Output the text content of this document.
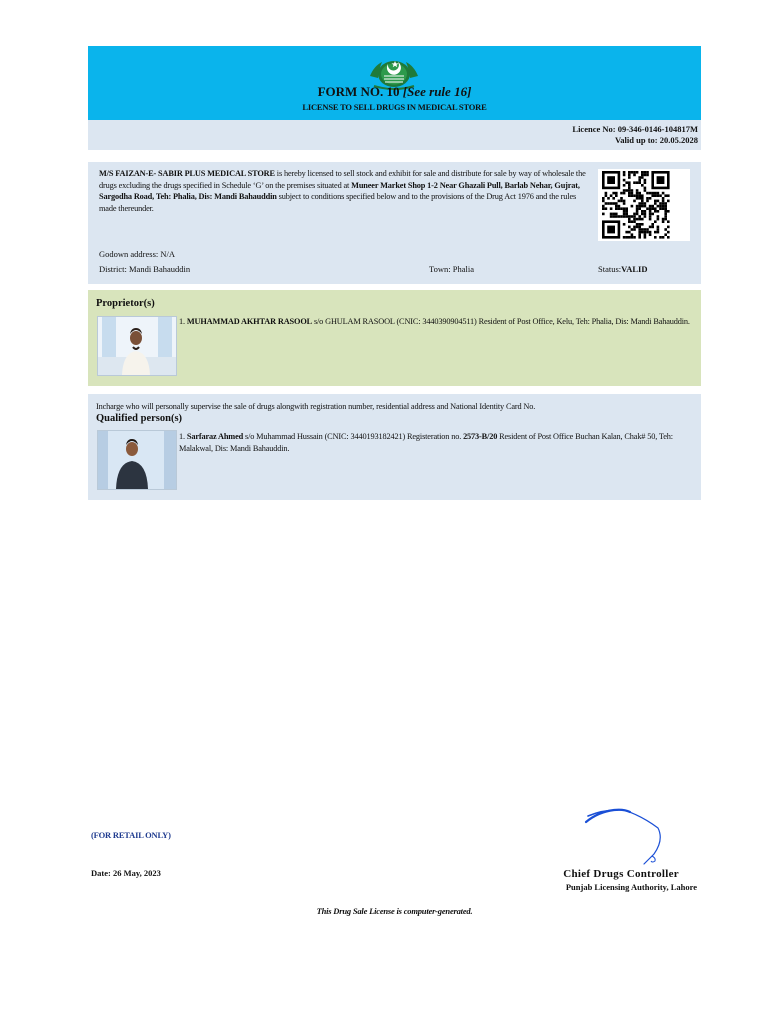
FORM NO. 10 [See rule 16]
LICENSE TO SELL DRUGS IN MEDICAL STORE
Licence No: 09-346-0146-104817M
Valid up to: 20.05.2028
M/S FAIZAN-E- SABIR PLUS MEDICAL STORE is hereby licensed to sell stock and exhibit for sale and distribute for sale by way of wholesale the drugs excluding the drugs specified in Schedule ‘G’ on the premises situated at Muneer Market Shop 1-2 Near Ghazali Pull, Barlab Nehar, Gujrat, Sargodha Road, Teh: Phalia, Dis: Mandi Bahauddin subject to conditions specified below and to the provisions of the Drug Act 1976 and the rules made thereunder.
Godown address: N/A
District: Mandi Bahauddin	Town: Phalia	Status:VALID
Proprietor(s)
1. MUHAMMAD AKHTAR RASOOL s/o GHULAM RASOOL (CNIC: 3440390904511) Resident of Post Office, Kelu, Teh: Phalia, Dis: Mandi Bahauddin.
Incharge who will personally supervise the sale of drugs alongwith registration number, residential address and National Identity Card No.
Qualified person(s)
1. Sarfaraz Ahmed s/o Muhammad Hussain (CNIC: 3440193182421) Registeration no. 2573-B/20 Resident of Post Office Buchan Kalan, Chak# 50, Teh: Malakwal, Dis: Mandi Bahauddin.
(FOR RETAIL ONLY)
Date: 26 May, 2023	Chief Drugs Controller
Punjab Licensing Authority, Lahore
This Drug Sale License is computer-generated.
